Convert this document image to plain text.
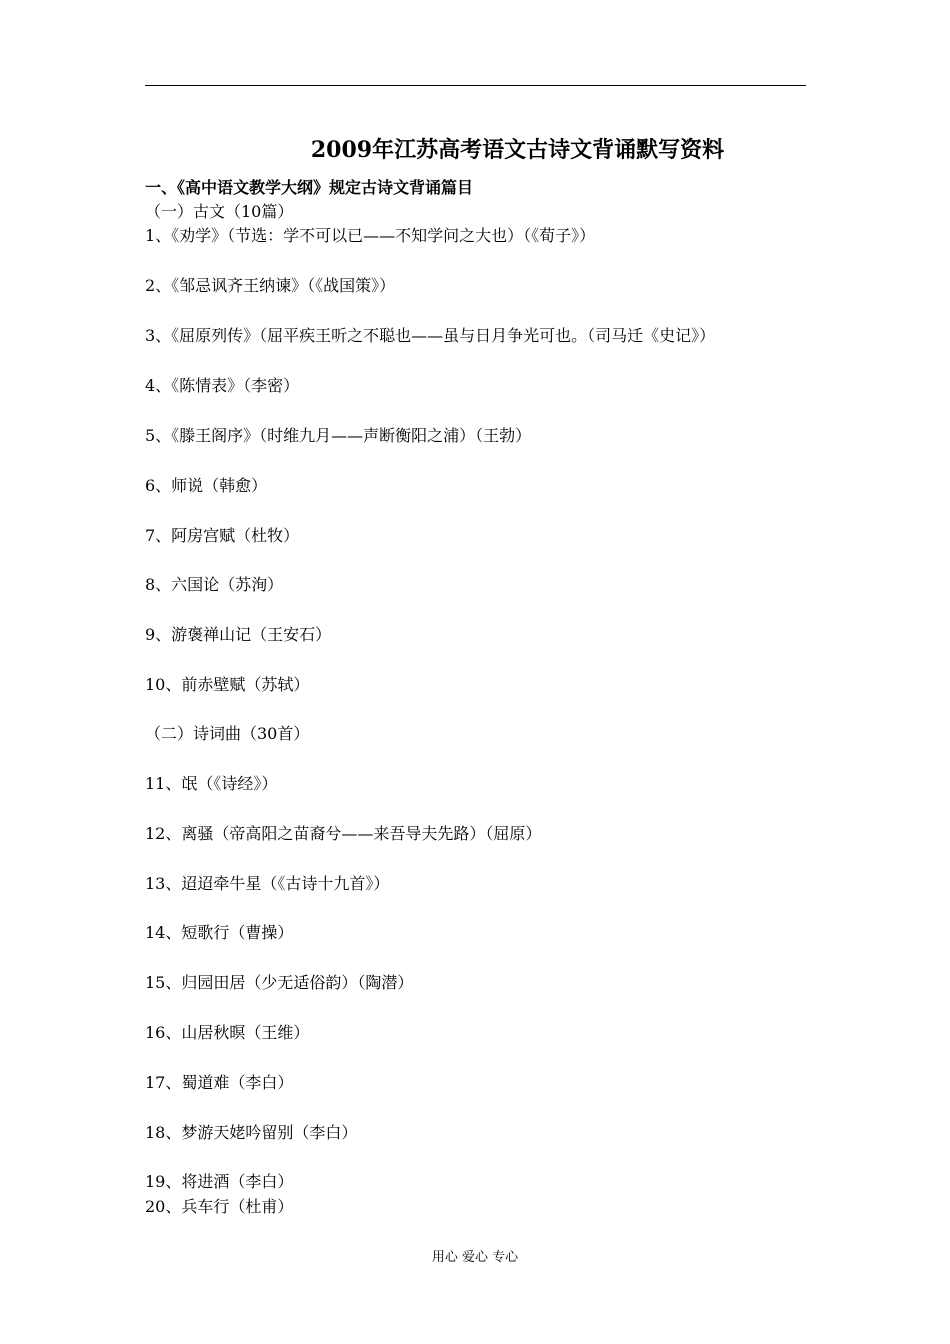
2009年江苏高考语文古诗文背诵默写资料
一、《高中语文教学大纲》规定古诗文背诵篇目
（一）古文（10篇）
1、《劝学》（节选：学不可以已——不知学问之大也）（《荀子》）
2、《邹忌讽齐王纳谏》（《战国策》）
3、《屈原列传》（屈平疾王听之不聪也——虽与日月争光可也。（司马迁《史记》）
4、《陈情表》（李密）
5、《滕王阁序》（时维九月——声断衡阳之浦）（王勃）
6、师说（韩愈）
7、阿房宫赋（杜牧）
8、六国论（苏洵）
9、游褒禅山记（王安石）
10、前赤壁赋（苏轼）
（二）诗词曲（30首）
11、氓（《诗经》）
12、离骚（帝高阳之苗裔兮——来吾导夫先路）（屈原）
13、迢迢牵牛星（《古诗十九首》）
14、短歌行（曹操）
15、归园田居（少无适俗韵）（陶潜）
16、山居秋暝（王维）
17、蜀道难（李白）
18、梦游天姥吟留别（李白）
19、将进酒（李白）
20、兵车行（杜甫）
用心 爱心 专心
